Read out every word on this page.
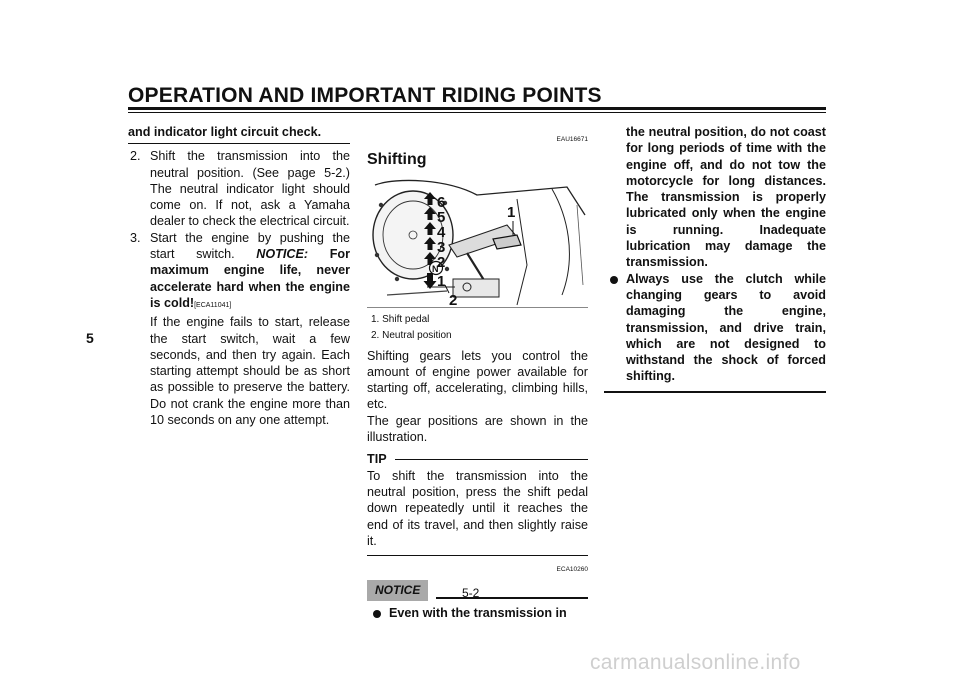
OPERATION AND IMPORTANT RIDING POINTS
5
and indicator light circuit check.
2. Shift the transmission into the neutral position. (See page 5-2.) The neutral indicator light should come on. If not, ask a Yamaha dealer to check the electrical circuit.

3. Start the engine by pushing the start switch. NOTICE: For maximum engine life, never accelerate hard when the engine is cold![ECA11041]

If the engine fails to start, release the start switch, wait a few seconds, and then try again. Each starting attempt should be as short as possible to preserve the battery. Do not crank the engine more than 10 seconds on any one attempt.

EAU16671
Shifting
6
5
4
3
2
N
1
1
2
1. Shift pedal
2. Neutral position

Shifting gears lets you control the amount of engine power available for starting off, accelerating, climbing hills, etc.

The gear positions are shown in the illustration.

TIP

To shift the transmission into the neutral position, press the shift pedal down repeatedly until it reaches the end of its travel, and then slightly raise it.

ECA10260
NOTICE
Even with the transmission in
the neutral position, do not coast for long periods of time with the engine off, and do not tow the motorcycle for long distances. The transmission is properly lubricated only when the engine is running. Inadequate lubrication may damage the transmission.
Always use the clutch while changing gears to avoid damaging the engine, transmission, and drive train, which are not designed to withstand the shock of forced shifting.
5-2
carmanualsonline.info
